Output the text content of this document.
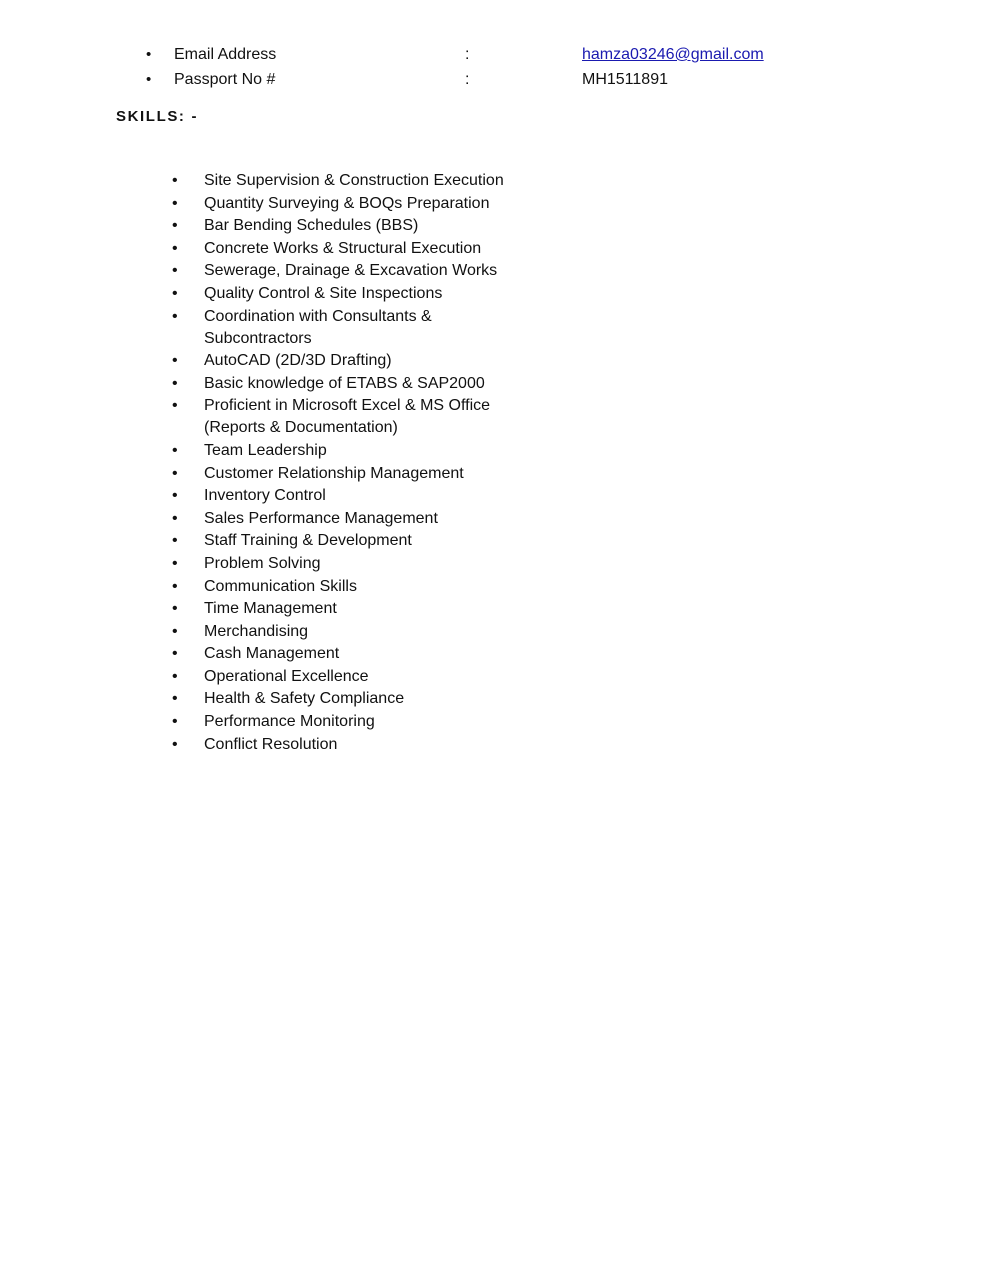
• Email Address	:	hamza03246@gmail.com
• Passport No #	:	MH1511891
SKILLS: -
• Site Supervision & Construction Execution
• Quantity Surveying & BOQs Preparation
• Bar Bending Schedules (BBS)
• Concrete Works & Structural Execution
• Sewerage, Drainage & Excavation Works
• Quality Control & Site Inspections
• Coordination with Consultants & Subcontractors
• AutoCAD (2D/3D Drafting)
• Basic knowledge of ETABS & SAP2000
• Proficient in Microsoft Excel & MS Office (Reports & Documentation)
• Team Leadership
• Customer Relationship Management
• Inventory Control
• Sales Performance Management
• Staff Training & Development
• Problem Solving
• Communication Skills
• Time Management
• Merchandising
• Cash Management
• Operational Excellence
• Health & Safety Compliance
• Performance Monitoring
• Conflict Resolution
